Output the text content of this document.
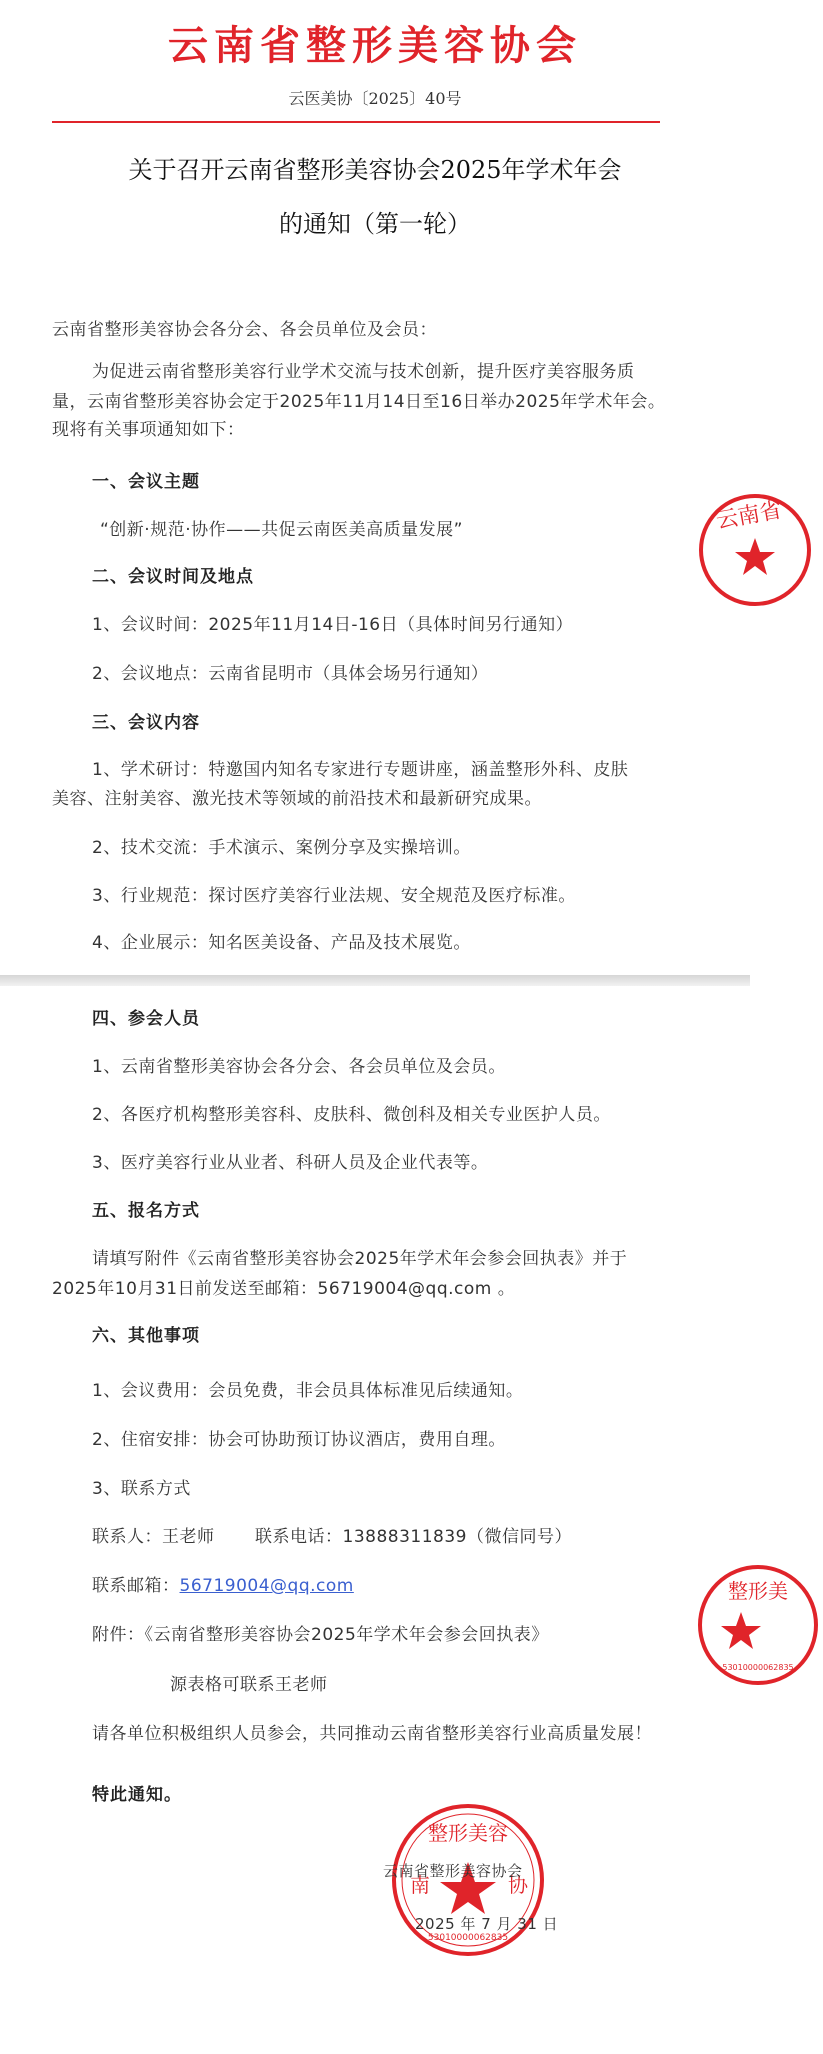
云南省整形美容协会
云医美协〔2025〕40号
关于召开云南省整形美容协会2025年学术年会
的通知（第一轮）
云南省整形美容协会各分会、各会员单位及会员：
为促进云南省整形美容行业学术交流与技术创新，提升医疗美容服务质
量，云南省整形美容协会定于2025年11月14日至16日举办2025年学术年会。
现将有关事项通知如下：
一、会议主题
“创新·规范·协作——共促云南医美高质量发展”
二、会议时间及地点
1、会议时间：2025年11月14日-16日（具体时间另行通知）
2、会议地点：云南省昆明市（具体会场另行通知）
三、会议内容
1、学术研讨：特邀国内知名专家进行专题讲座，涵盖整形外科、皮肤
美容、注射美容、激光技术等领域的前沿技术和最新研究成果。
2、技术交流：手术演示、案例分享及实操培训。
3、行业规范：探讨医疗美容行业法规、安全规范及医疗标准。
4、企业展示：知名医美设备、产品及技术展览。
云南省
四、参会人员
1、云南省整形美容协会各分会、各会员单位及会员。
2、各医疗机构整形美容科、皮肤科、微创科及相关专业医护人员。
3、医疗美容行业从业者、科研人员及企业代表等。
五、报名方式
请填写附件《云南省整形美容协会2025年学术年会参会回执表》并于
2025年10月31日前发送至邮箱：56719004@qq.com 。
六、其他事项
1、会议费用：会员免费，非会员具体标准见后续通知。
2、住宿安排：协会可协助预订协议酒店，费用自理。
3、联系方式
联系人：王老师 联系电话：13888311839（微信同号）
联系邮箱：56719004@qq.com
附件：《云南省整形美容协会2025年学术年会参会回执表》
源表格可联系王老师
请各单位积极组织人员参会，共同推动云南省整形美容行业高质量发展！
特此通知。
整形美
53010000062835
整形美容
南	协
53010000062835
云南省整形美容协会
2025 年 7 月 31 日
